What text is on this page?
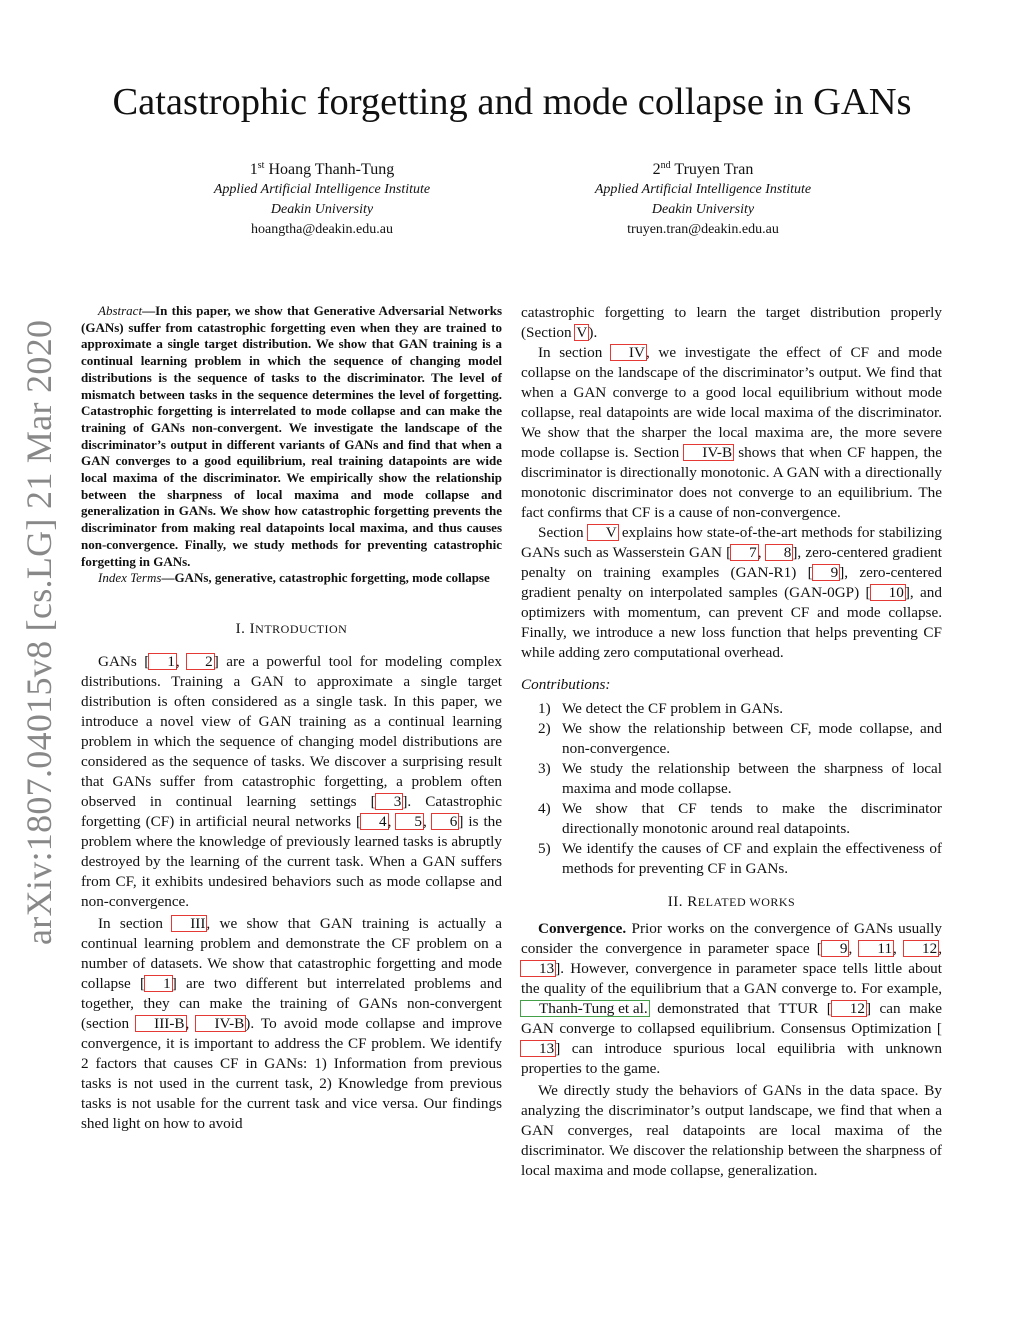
arXiv:1807.04015v8 [cs.LG] 21 Mar 2020
Catastrophic forgetting and mode collapse in GANs
1st Hoang Thanh-Tung
Applied Artificial Intelligence Institute
Deakin University
hoangtha@deakin.edu.au
2nd Truyen Tran
Applied Artificial Intelligence Institute
Deakin University
truyen.tran@deakin.edu.au

Abstract—In this paper, we show that Generative Adversarial Networks (GANs) suffer from catastrophic forgetting even when they are trained to approximate a single target distribution. We show that GAN training is a continual learning problem in which the sequence of changing model distributions is the sequence of tasks to the discriminator. The level of mismatch between tasks in the sequence determines the level of forgetting. Catastrophic forgetting is interrelated to mode collapse and can make the training of GANs non-convergent. We investigate the landscape of the discriminator’s output in different variants of GANs and find that when a GAN converges to a good equilibrium, real training datapoints are wide local maxima of the discriminator. We empirically show the relationship between the sharpness of local maxima and mode collapse and generalization in GANs. We show how catastrophic forgetting prevents the discriminator from making real datapoints local maxima, and thus causes non-convergence. Finally, we study methods for preventing catastrophic forgetting in GANs.

Index Terms—GANs, generative, catastrophic forgetting, mode collapse

I. INTRODUCTION

GANs [ 1, 2] are a powerful tool for modeling complex distributions. Training a GAN to approximate a single target distribution is often considered as a single task. In this paper, we introduce a novel view of GAN training as a continual learning problem in which the sequence of changing model distributions are considered as the sequence of tasks. We discover a surprising result that GANs suffer from catastrophic forgetting, a problem often observed in continual learning settings [ 3]. Catastrophic forgetting (CF) in artificial neural networks [ 4, 5, 6] is the problem where the knowledge of previously learned tasks is abruptly destroyed by the learning of the current task. When a GAN suffers from CF, it exhibits undesired behaviors such as mode collapse and non-convergence.

In section III, we show that GAN training is actually a continual learning problem and demonstrate the CF problem on a number of datasets. We show that catastrophic forgetting and mode collapse [ 1] are two different but interrelated problems and together, they can make the training of GANs non-convergent (section III-B, IV-B). To avoid mode collapse and improve convergence, it is important to address the CF problem. We identify 2 factors that causes CF in GANs: 1) Information from previous tasks is not used in the current task, 2) Knowledge from previous tasks is not usable for the current task and vice versa. Our findings shed light on how to avoid

catastrophic forgetting to learn the target distribution properly (Section V).

In section IV, we investigate the effect of CF and mode collapse on the landscape of the discriminator’s output. We find that when a GAN converge to a good local equilibrium without mode collapse, real datapoints are wide local maxima of the discriminator. We show that the sharper the local maxima are, the more severe mode collapse is. Section IV-B shows that when CF happen, the discriminator is directionally monotonic. A GAN with a directionally monotonic discriminator does not converge to an equilibrium. The fact confirms that CF is a cause of non-convergence.

Section V explains how state-of-the-art methods for stabilizing GANs such as Wasserstein GAN [ 7, 8], zero-centered gradient penalty on training examples (GAN-R1) [ 9], zero-centered gradient penalty on interpolated samples (GAN-0GP) [ 10], and optimizers with momentum, can prevent CF and mode collapse. Finally, we introduce a new loss function that helps preventing CF while adding zero computational overhead.

Contributions:

1) We detect the CF problem in GANs.
2) We show the relationship between CF, mode collapse, and non-convergence.
3) We study the relationship between the sharpness of local maxima and mode collapse.
4) We show that CF tends to make the discriminator directionally monotonic around real datapoints.
5) We identify the causes of CF and explain the effectiveness of methods for preventing CF in GANs.

II. RELATED WORKS

Convergence. Prior works on the convergence of GANs usually consider the convergence in parameter space [ 9, 11, 12, 13]. However, convergence in parameter space tells little about the quality of the equilibrium that a GAN converge to. For example, Thanh-Tung et al. demonstrated that TTUR [ 12] can make GAN converge to collapsed equilibrium. Consensus Optimization [13] can introduce spurious local equilibria with unknown properties to the game.

We directly study the behaviors of GANs in the data space. By analyzing the discriminator’s output landscape, we find that when a GAN converges, real datapoints are local maxima of the discriminator. We discover the relationship between the sharpness of local maxima and mode collapse, generalization.
